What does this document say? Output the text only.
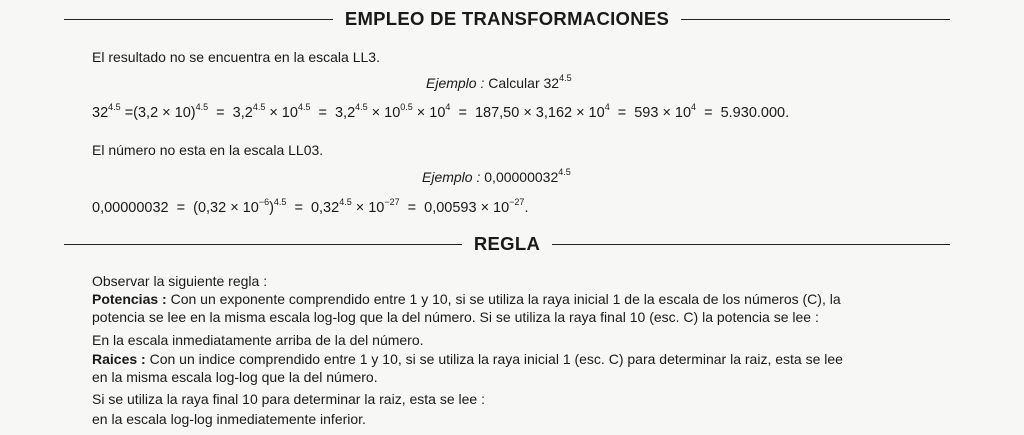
EMPLEO DE TRANSFORMACIONES
El resultado no se encuentra en la escala LL3.
Ejemplo : Calcular $32^{4.5}$
$32^{4.5} =(3,2 \times 10)^{4.5} = 3,2^{4.5} \times 10^{4.5} = 3,2^{4.5} \times 10^{0.5} \times 10^4 = 187,50 \times 3,162 \times 10^4 = 593 \times 10^4 = 5.930.000$.
El número no esta en la escala LL03.
Ejemplo : $0,00000032^{4.5}$
$0,00000032 = (0,32 \times 10^{-6})^{4.5} = 0,32^{4.5} \times 10^{-27} = 0,00593 \times 10^{-27}$.
REGLA
Observar la siguiente regla :
Potencias : Con un exponente comprendido entre 1 y 10, si se utiliza la raya inicial 1 de la escala de los números (C), la
potencia se lee en la misma escala log-log que la del número. Si se utiliza la raya final 10 (esc. C) la potencia se lee :
En la escala inmediatamente arriba de la del número.
Raices : Con un indice comprendido entre 1 y 10, si se utiliza la raya inicial 1 (esc. C) para determinar la raiz, esta se lee
en la misma escala log-log que la del número.
Si se utiliza la raya final 10 para determinar la raiz, esta se lee :
en la escala log-log inmediatemente inferior.
